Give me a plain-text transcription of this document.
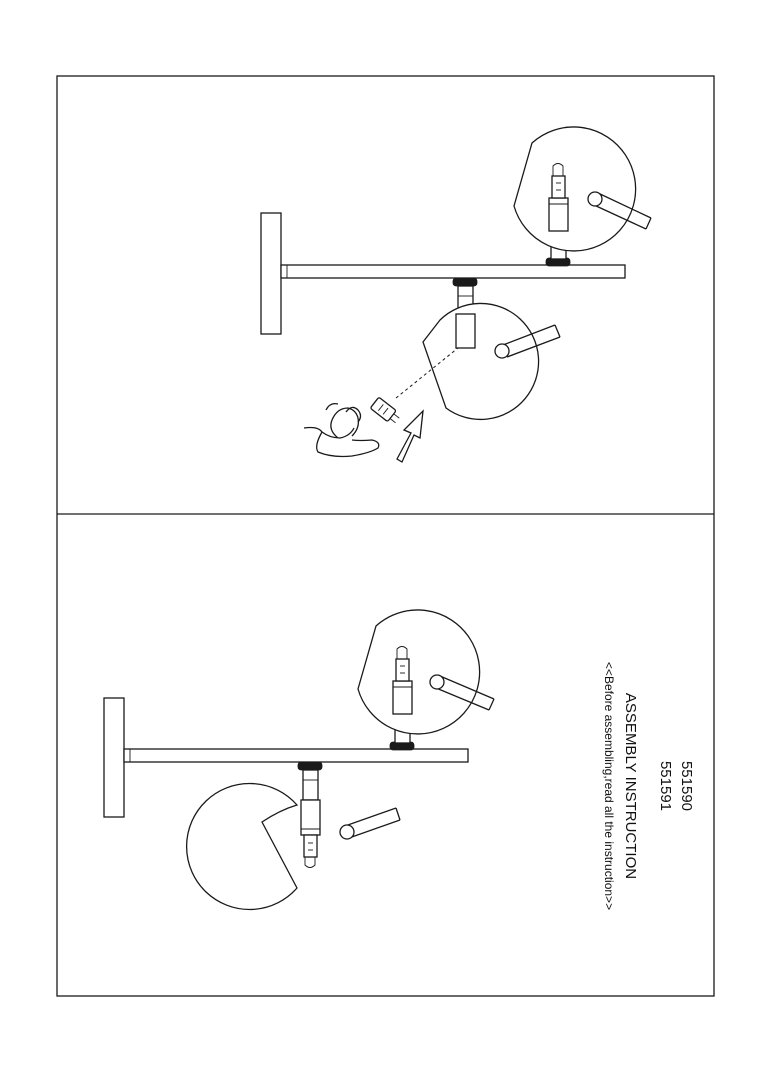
551590
551591
ASSEMBLY INSTRUCTION
<<Before assembling,read all the instruction>>
